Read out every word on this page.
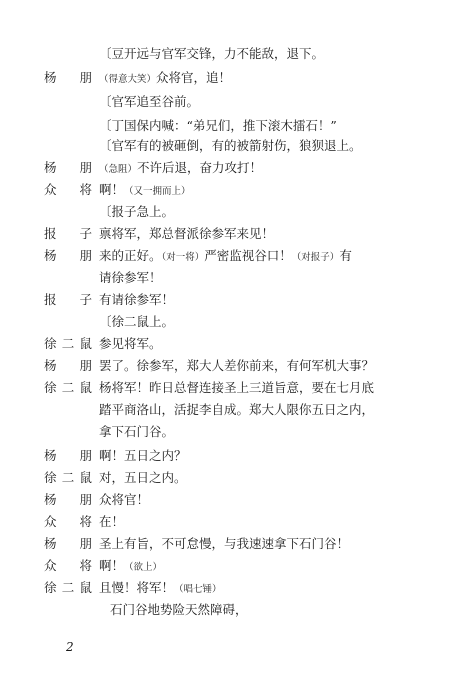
〔豆开远与官军交锋，力不能敌，退下。
杨　朋 （得意大笑）众将官，追！
〔官军追至谷前。
〔丁国保内喊：“弟兄们，推下滚木擂石！”
〔官军有的被砸倒，有的被箭射伤，狼狈退上。
杨　朋 （急阻）不许后退，奋力攻打！
众　将 啊！（又一拥而上）
〔报子急上。
报　子 禀将军，郑总督派徐参军来见！
杨　朋 来的正好。（对一将）严密监视谷口！（对报子）有
请徐参军！
报　子 有请徐参军！
〔徐二鼠上。
徐二鼠 参见将军。
杨　朋 罢了。徐参军，郑大人差你前来，有何军机大事？
徐二鼠 杨将军！昨日总督连接圣上三道旨意，要在七月底
踏平商洛山，活捉李自成。郑大人限你五日之内，
拿下石门谷。
杨　朋 啊！五日之内？
徐二鼠 对，五日之内。
杨　朋 众将官！
众　将 在！
杨　朋 圣上有旨，不可怠慢，与我速速拿下石门谷！
众　将 啊！（欲上）
徐二鼠 且慢！将军！（唱七锤）
石门谷地势险天然障碍，
2
